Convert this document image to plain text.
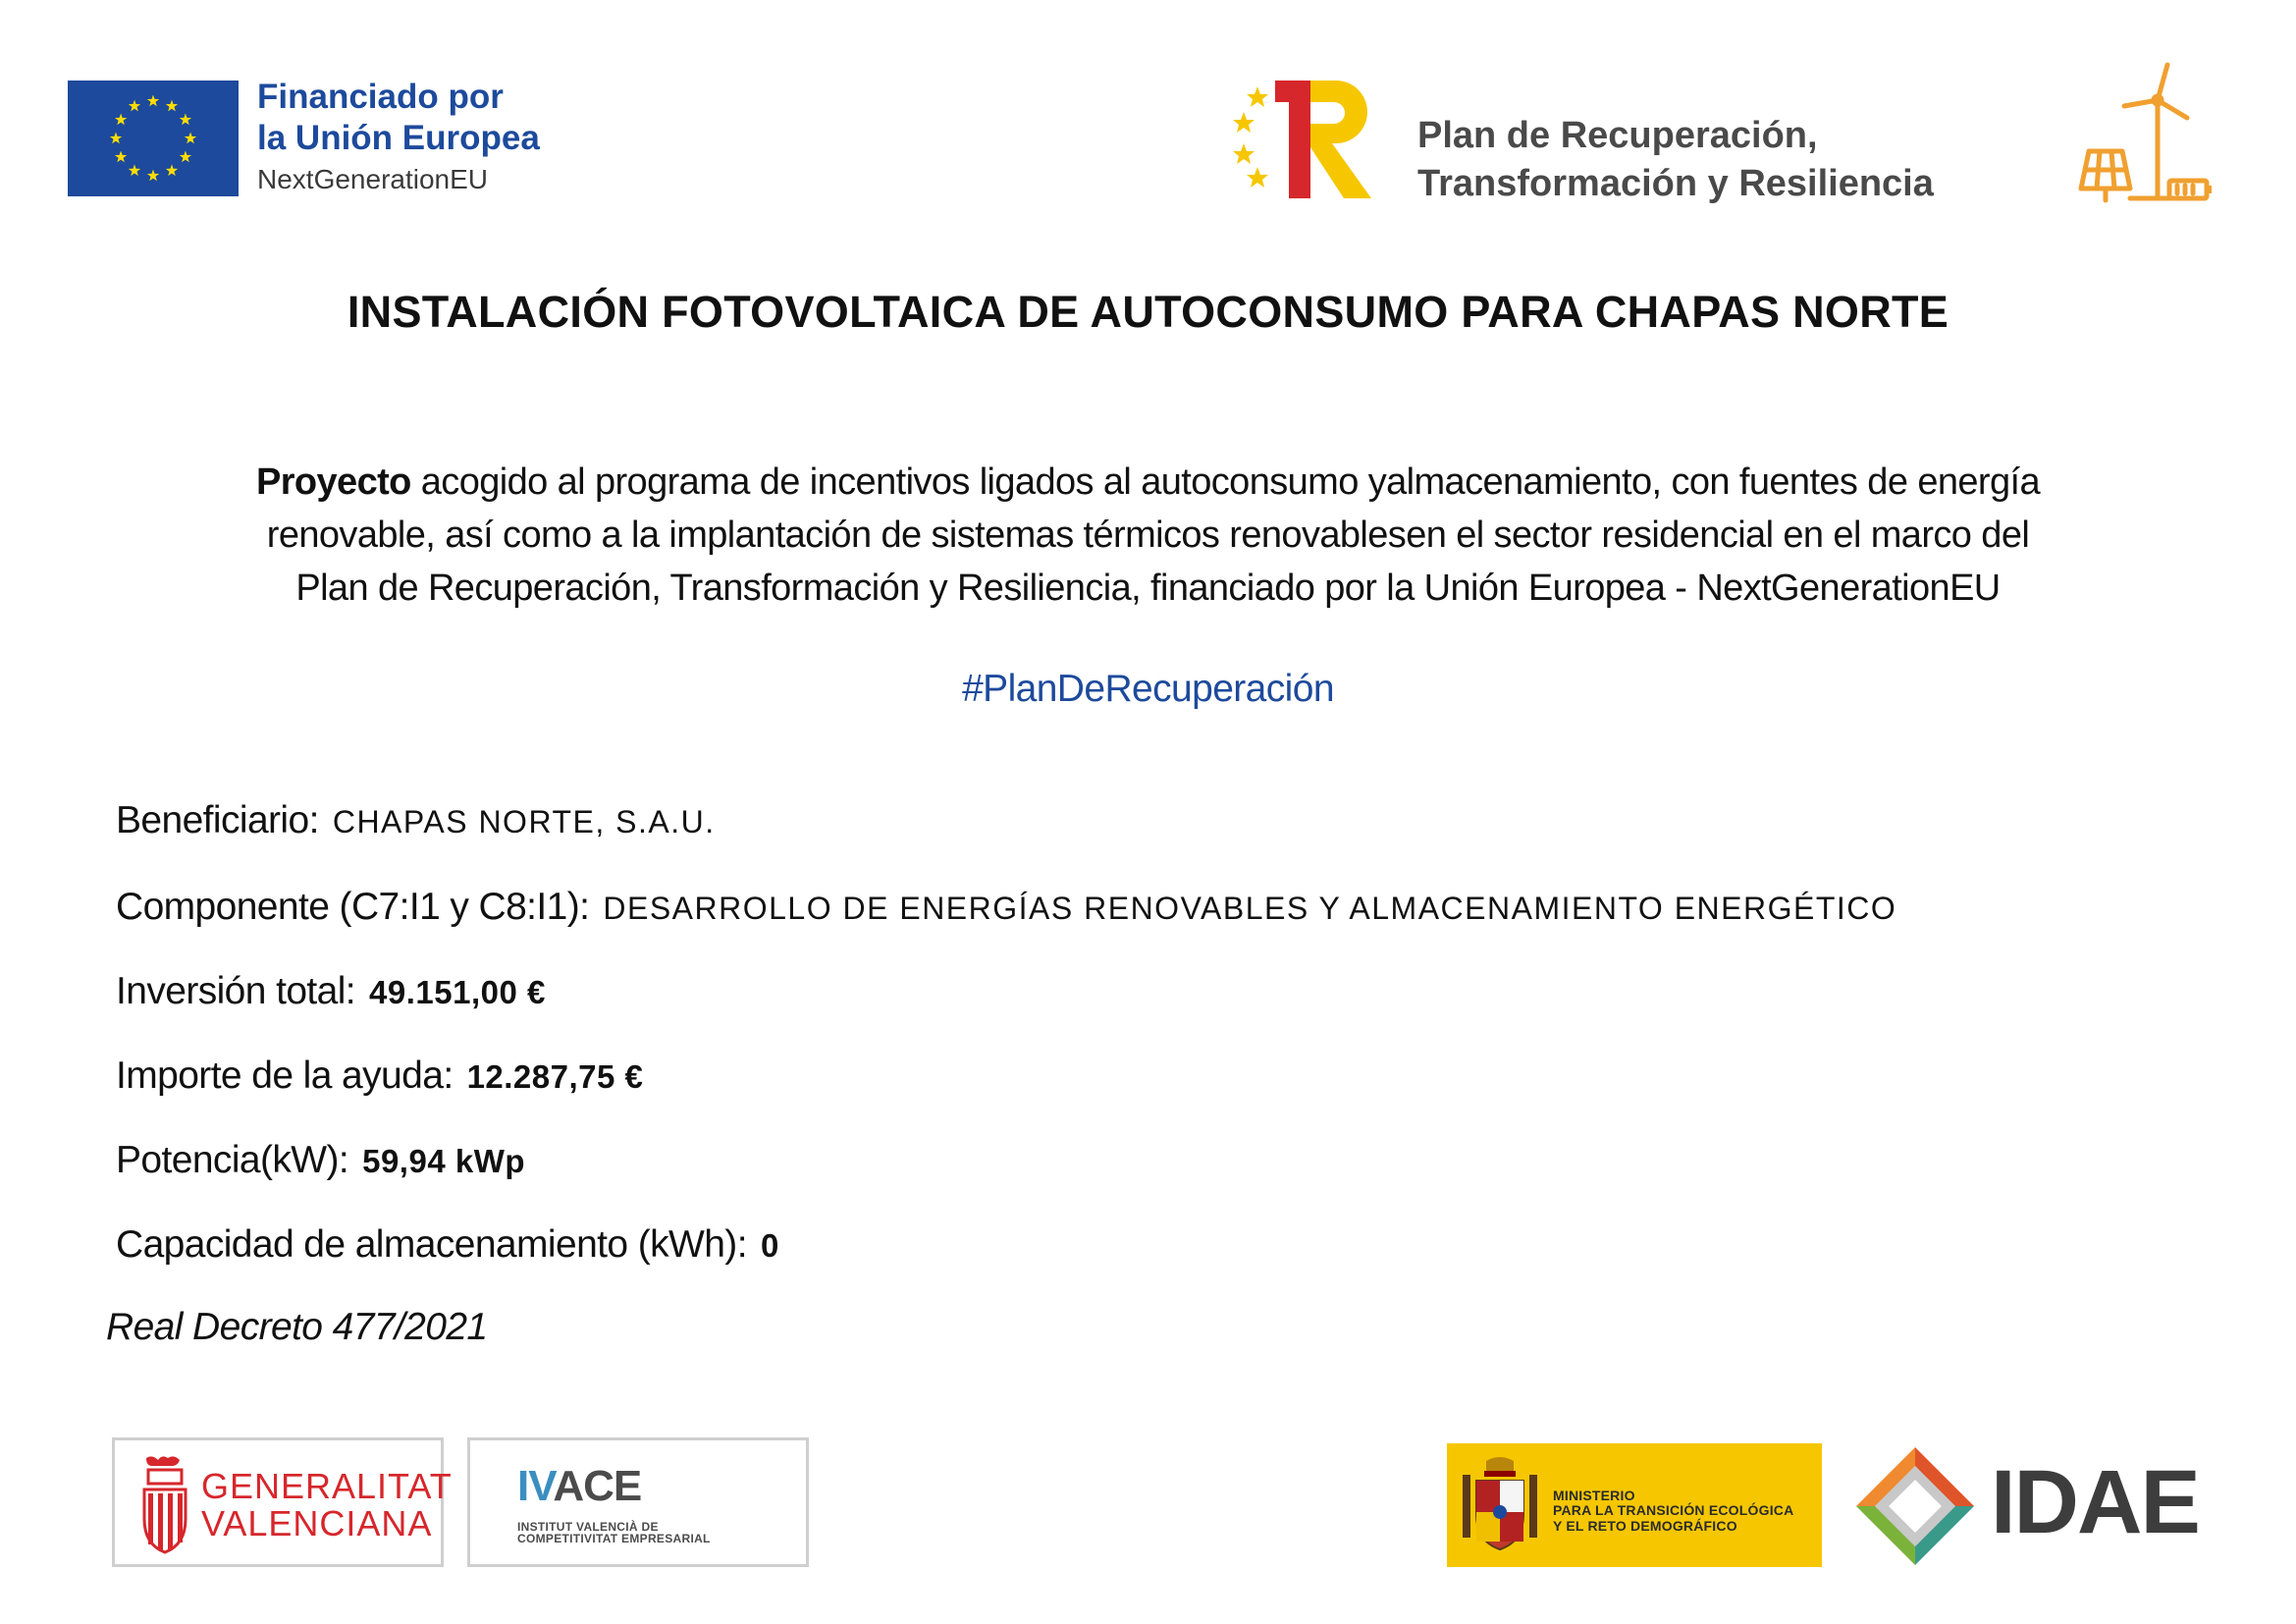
Financiado por
la Unión Europea
NextGenerationEU
Plan de Recuperación,
Transformación y Resiliencia
INSTALACIÓN FOTOVOLTAICA DE AUTOCONSUMO PARA CHAPAS NORTE
Proyecto acogido al programa de incentivos ligados al autoconsumo yalmacenamiento, con fuentes de energía
renovable, así como a la implantación de sistemas térmicos renovablesen el sector residencial en el marco del
Plan de Recuperación, Transformación y Resiliencia, financiado por la Unión Europea - NextGenerationEU
#PlanDeRecuperación
Beneficiario: CHAPAS NORTE, S.A.U.
Componente (C7:I1 y C8:I1): DESARROLLO DE ENERGÍAS RENOVABLES Y ALMACENAMIENTO ENERGÉTICO
Inversión total: 49.151,00 €
Importe de la ayuda: 12.287,75 €
Potencia(kW): 59,94 kWp
Capacidad de almacenamiento (kWh): 0
Real Decreto 477/2021
GENERALITAT
VALENCIANA
IVACE
INSTITUT VALENCIÀ DE
COMPETITIVITAT EMPRESARIAL
MINISTERIO
PARA LA TRANSICIÓN ECOLÓGICA
Y EL RETO DEMOGRÁFICO	IDAE
